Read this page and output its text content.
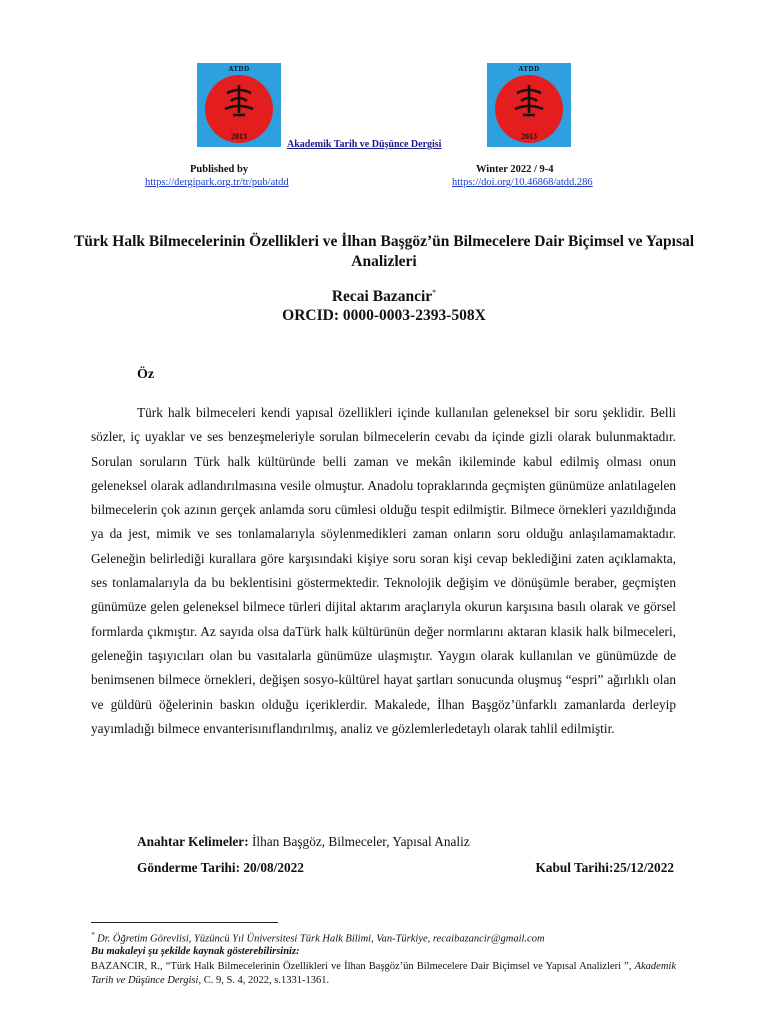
ATDD
2013
ATDD
2013
Akademik Tarih ve Düşünce Dergisi
Published by
https://dergipark.org.tr/tr/pub/atdd
Winter 2022 / 9-4
https://doi.org/10.46868/atdd.286
Türk Halk Bilmecelerinin Özellikleri ve İlhan Başgöz’ün Bilmecelere Dair Biçimsel ve Yapısal Analizleri
Recai Bazancir*
ORCID: 0000-0003-2393-508X
Öz
Türk halk bilmeceleri kendi yapısal özellikleri içinde kullanılan geleneksel bir soru şeklidir. Belli sözler, iç uyaklar ve ses benzeşmeleriyle sorulan bilmecelerin cevabı da içinde gizli olarak bulunmaktadır. Sorulan soruların Türk halk kültüründe belli zaman ve mekân ikileminde kabul edilmiş olması onun geleneksel olarak adlandırılmasına vesile olmuştur. Anadolu topraklarında geçmişten günümüze anlatılagelen bilmecelerin çok azının gerçek anlamda soru cümlesi olduğu tespit edilmiştir. Bilmece örnekleri yazıldığında ya da jest, mimik ve ses tonlamalarıyla söylenmedikleri zaman onların soru olduğu anlaşılamamaktadır. Geleneğin belirlediği kurallara göre karşısındaki kişiye soru soran kişi cevap beklediğini zaten açıklamakta, ses tonlamalarıyla da bu beklentisini göstermektedir. Teknolojik değişim ve dönüşümle beraber, geçmişten günümüze gelen geleneksel bilmece türleri dijital aktarım araçlarıyla okurun karşısına basılı olarak ve görsel formlarda çıkmıştır. Az sayıda olsa daTürk halk kültürünün değer normlarını aktaran klasik halk bilmeceleri, geleneğin taşıyıcıları olan bu vasıtalarla günümüze ulaşmıştır. Yaygın olarak kullanılan ve günümüzde de benimsenen bilmece örnekleri, değişen sosyo-kültürel hayat şartları sonucunda oluşmuş “espri” ağırlıklı olan ve güldürü öğelerinin baskın olduğu içeriklerdir. Makalede, İlhan Başgöz’ünfarklı zamanlarda derleyip yayımladığı bilmece envanterisınıflandırılmış, analiz ve gözlemlerledetaylı olarak tahlil edilmiştir.
Anahtar Kelimeler: İlhan Başgöz, Bilmeceler, Yapısal Analiz
Gönderme Tarihi: 20/08/2022	Kabul Tarihi:25/12/2022
* Dr. Öğretim Görevlisi, Yüzüncü Yıl Üniversitesi Türk Halk Bilimi, Van-Türkiye, recaibazancir@gmail.com
Bu makaleyi şu şekilde kaynak gösterebilirsiniz:
BAZANCIR, R., “Türk Halk Bilmecelerinin Özellikleri ve İlhan Başgöz’ün Bilmecelere Dair Biçimsel ve Yapısal Analizleri ”, Akademik Tarih ve Düşünce Dergisi, C. 9, S. 4, 2022, s.1331-1361.
